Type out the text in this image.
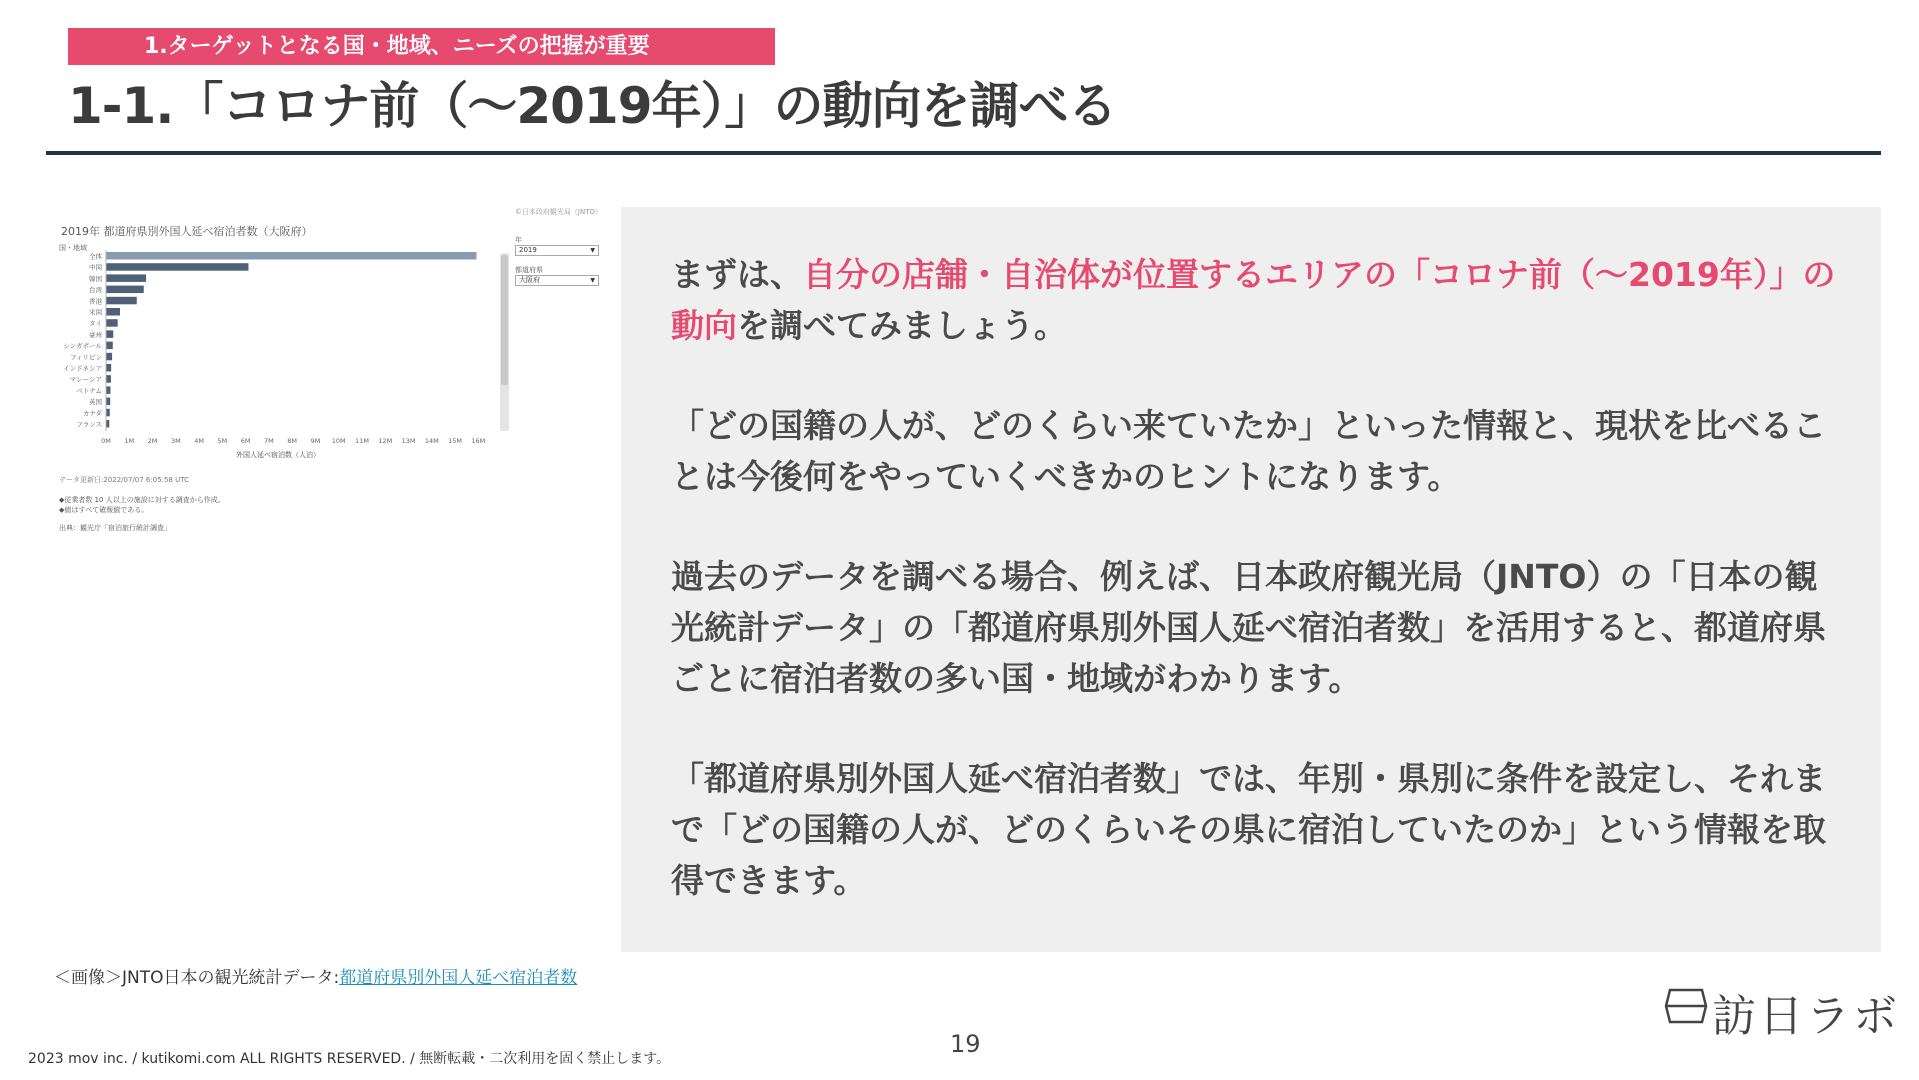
1.ターゲットとなる国・地域、ニーズの把握が重要
1-1.「コロナ前（〜2019年）」の動向を調べる
全体
中国
韓国
台湾
香港
米国
タイ
豪州
シンガポール
フィリピン
インドネシア
マレーシア
ベトナム
英国
カナダ
フランス
0M 1M 2M 3M 4M 5M 6M 7M 8M 9M 10M 11M 12M 13M 14M 15M 16M
外国人延べ宿泊数（人泊）
©日本政府観光局（JNTO）
2019年 都道府県別外国人延べ宿泊者数（大阪府）
国・地域
年
2019	▼
都道府県
大阪府	▼
データ更新日:2022/07/07 6:05:58 UTC
◆従業者数 10 人以上の施設に対する調査から作成。
◆値はすべて確報値である。
出典：観光庁「宿泊旅行統計調査」

まずは、自分の店舗・自治体が位置するエリアの「コロナ前（〜2019年）」の動向を調べてみましょう。

「どの国籍の人が、どのくらい来ていたか」といった情報と、現状を比べることは今後何をやっていくべきかのヒントになります。

過去のデータを調べる場合、例えば、日本政府観光局（JNTO）の「日本の観光統計データ」の「都道府県別外国人延べ宿泊者数」を活用すると、都道府県ごとに宿泊者数の多い国・地域がわかります。

「都道府県別外国人延べ宿泊者数」では、年別・県別に条件を設定し、それまで「どの国籍の人が、どのくらいその県に宿泊していたのか」という情報を取得できます。

＜画像＞JNTO日本の観光統計データ:都道府県別外国人延べ宿泊者数
訪日ラボ
19
2023 mov inc. / kutikomi.com ALL RIGHTS RESERVED. / 無断転載・二次利用を固く禁止します。
